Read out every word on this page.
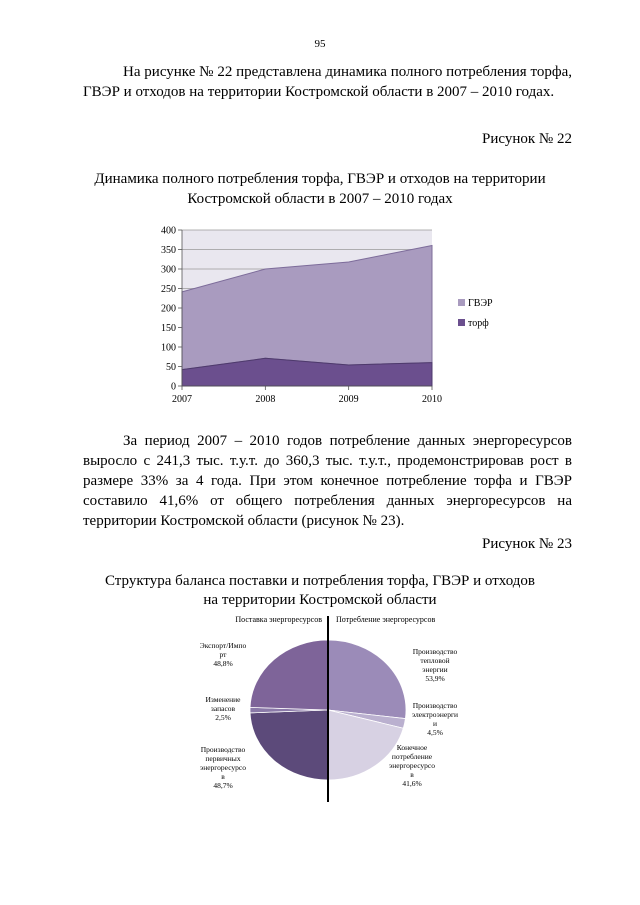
95
На рисунке № 22 представлена динамика полного потребления торфа, ГВЭР и отходов на территории Костромской области в 2007 – 2010 годах.
Рисунок № 22
Динамика полного потребления торфа, ГВЭР и отходов на территории
Костромской области в 2007 – 2010 годах
0
50
100
150
200
250
300
350
400
2007	2008	2009	2010
ГВЭР
торф
За период 2007 – 2010 годов потребление данных энергоресурсов выросло с 241,3 тыс. т.у.т. до 360,3 тыс. т.у.т., продемонстрировав рост в размере 33% за 4 года. При этом конечное потребление торфа и ГВЭР составило 41,6% от общего потребления данных энергоресурсов на территории Костромской области (рисунок № 23).
Рисунок № 23
Структура баланса поставки и потребления торфа, ГВЭР и отходов
на территории Костромской области
Поставка энергоресурсов Потребление энергоресурсов
Производство тепловой энергии 53,9%
Производство электроэнерги и 4,5%
Конечное потребление энергоресурсо в 41,6%
Производство первичных энергоресурсо в 48,7%
Изменение запасов 2,5%
Экспорт/Импо рт 48,8%
